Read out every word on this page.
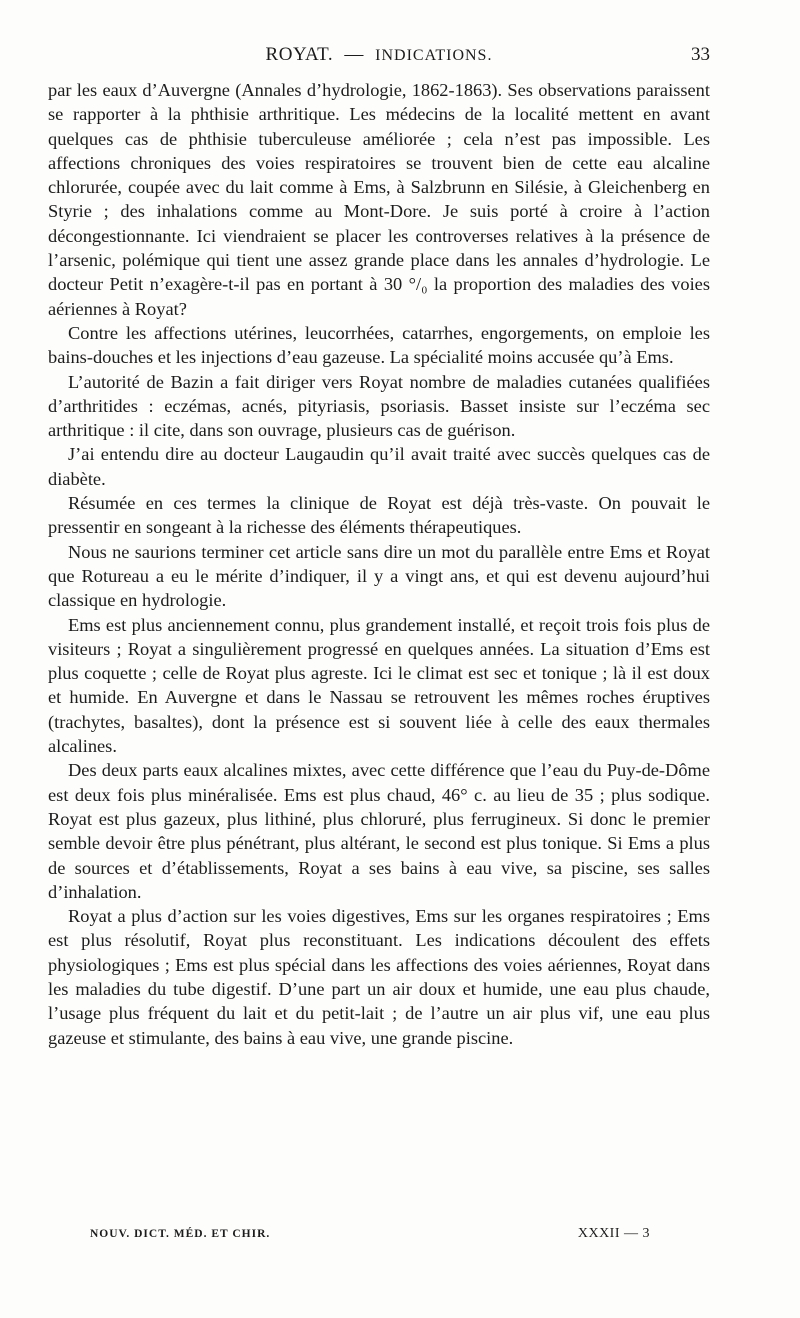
ROYAT. — INDICATIONS.	33

par les eaux d’Auvergne (Annales d’hydrologie, 1862-1863). Ses observations paraissent se rapporter à la phthisie arthritique. Les médecins de la localité mettent en avant quelques cas de phthisie tuberculeuse améliorée ; cela n’est pas impossible. Les affections chroniques des voies respiratoires se trouvent bien de cette eau alcaline chlorurée, coupée avec du lait comme à Ems, à Salzbrunn en Silésie, à Gleichenberg en Styrie ; des inhalations comme au Mont-Dore. Je suis porté à croire à l’action décongestionnante. Ici viendraient se placer les controverses relatives à la présence de l’arsenic, polémique qui tient une assez grande place dans les annales d’hydrologie. Le docteur Petit n’exagère-t-il pas en portant à 30 °/₀ la proportion des maladies des voies aériennes à Royat?

Contre les affections utérines, leucorrhées, catarrhes, engorgements, on emploie les bains-douches et les injections d’eau gazeuse. La spécialité moins accusée qu’à Ems.

L’autorité de Bazin a fait diriger vers Royat nombre de maladies cutanées qualifiées d’arthritides : eczémas, acnés, pityriasis, psoriasis. Basset insiste sur l’eczéma sec arthritique : il cite, dans son ouvrage, plusieurs cas de guérison.

J’ai entendu dire au docteur Laugaudin qu’il avait traité avec succès quelques cas de diabète.

Résumée en ces termes la clinique de Royat est déjà très-vaste. On pouvait le pressentir en songeant à la richesse des éléments thérapeutiques.

Nous ne saurions terminer cet article sans dire un mot du parallèle entre Ems et Royat que Rotureau a eu le mérite d’indiquer, il y a vingt ans, et qui est devenu aujourd’hui classique en hydrologie.

Ems est plus anciennement connu, plus grandement installé, et reçoit trois fois plus de visiteurs ; Royat a singulièrement progressé en quelques années. La situation d’Ems est plus coquette ; celle de Royat plus agreste. Ici le climat est sec et tonique ; là il est doux et humide. En Auvergne et dans le Nassau se retrouvent les mêmes roches éruptives (trachytes, basaltes), dont la présence est si souvent liée à celle des eaux thermales alcalines.

Des deux parts eaux alcalines mixtes, avec cette différence que l’eau du Puy-de-Dôme est deux fois plus minéralisée. Ems est plus chaud, 46° c. au lieu de 35 ; plus sodique. Royat est plus gazeux, plus lithiné, plus chloruré, plus ferrugineux. Si donc le premier semble devoir être plus pénétrant, plus altérant, le second est plus tonique. Si Ems a plus de sources et d’établissements, Royat a ses bains à eau vive, sa piscine, ses salles d’inhalation.

Royat a plus d’action sur les voies digestives, Ems sur les organes respiratoires ; Ems est plus résolutif, Royat plus reconstituant. Les indications découlent des effets physiologiques ; Ems est plus spécial dans les affections des voies aériennes, Royat dans les maladies du tube digestif. D’une part un air doux et humide, une eau plus chaude, l’usage plus fréquent du lait et du petit-lait ; de l’autre un air plus vif, une eau plus gazeuse et stimulante, des bains à eau vive, une grande piscine.

NOUV. DICT. MÉD. ET CHIR.	XXXII — 3
